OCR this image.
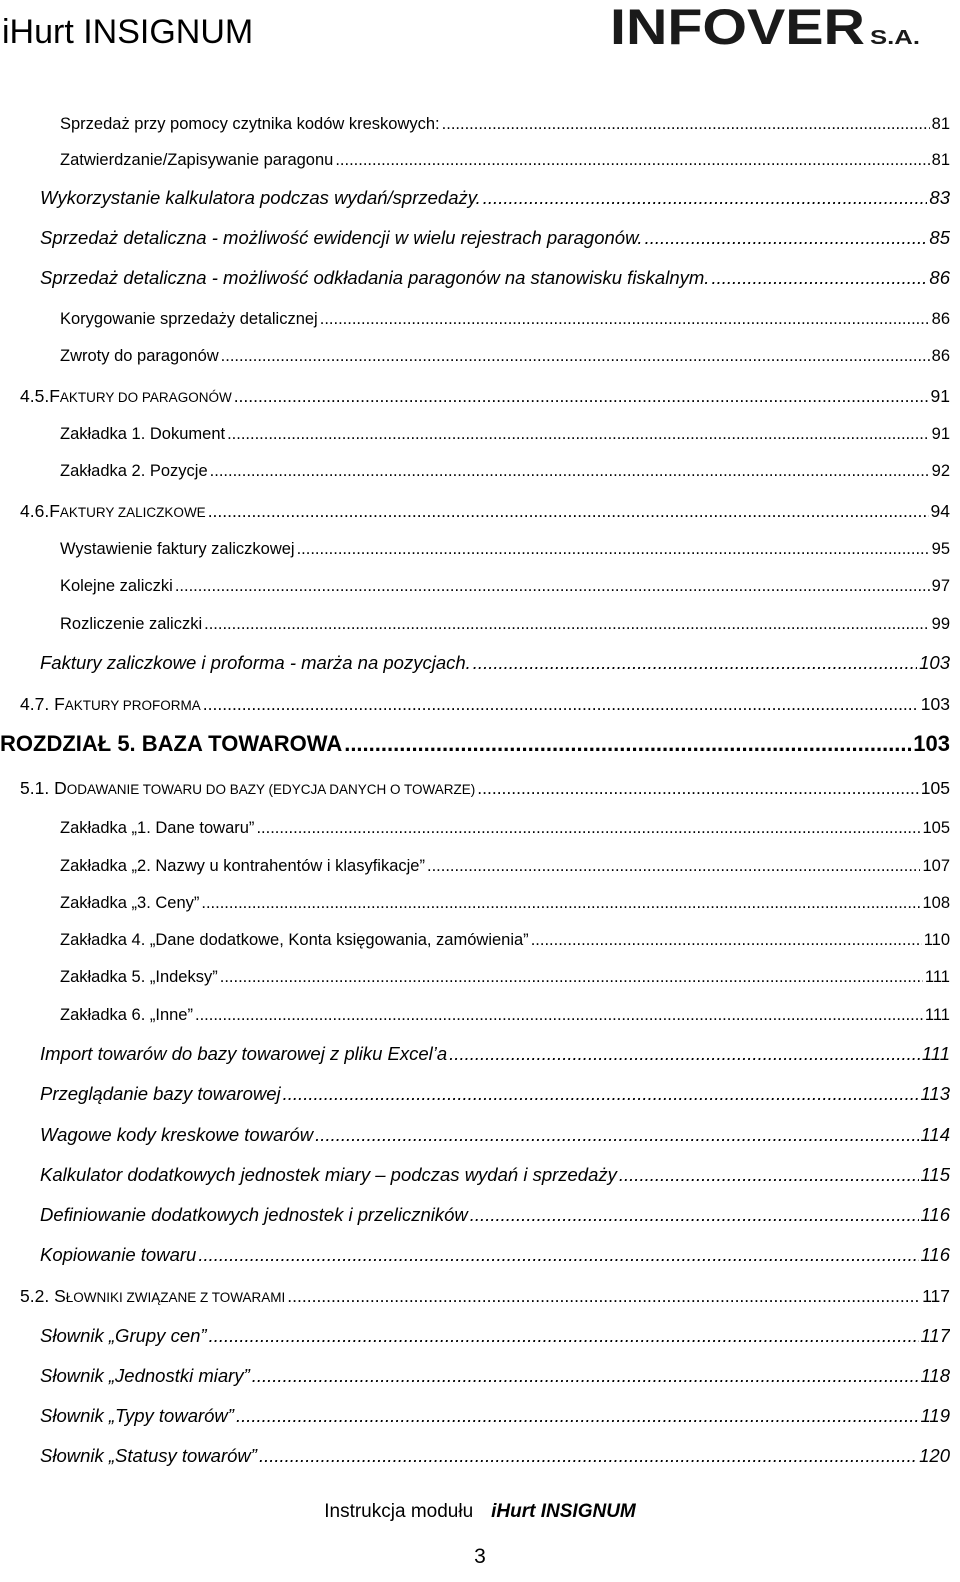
iHurt INSIGNUM	INFOVER S.A.
Sprzedaż przy pomocy czytnika kodów kreskowych: .....	81
Zatwierdzanie/Zapisywanie paragonu .....	81
Wykorzystanie kalkulatora podczas wydań/sprzedaży. .....	83
Sprzedaż detaliczna - możliwość ewidencji w wielu rejestrach paragonów. .....	85
Sprzedaż detaliczna - możliwość odkładania paragonów na stanowisku fiskalnym. .....	86
Korygowanie sprzedaży detalicznej .....	86
Zwroty do paragonów .....	86
4.5.FAKTURY DO PARAGONÓW .....	91
Zakładka 1. Dokument .....	91
Zakładka 2. Pozycje .....	92
4.6.FAKTURY ZALICZKOWE .....	94
Wystawienie faktury zaliczkowej .....	95
Kolejne zaliczki .....	97
Rozliczenie zaliczki .....	99
Faktury zaliczkowe i proforma - marża na pozycjach. .....	103
4.7. FAKTURY PROFORMA .....	103
ROZDZIAŁ 5. BAZA TOWAROWA .....	103
5.1. DODAWANIE TOWARU DO BAZY (EDYCJA DANYCH O TOWARZE) .....	105
Zakładka „1. Dane towaru” .....	105
Zakładka „2. Nazwy u kontrahentów i klasyfikacje” .....	107
Zakładka „3. Ceny” .....	108
Zakładka 4. „Dane dodatkowe, Konta księgowania, zamówienia” .....	110
Zakładka 5. „Indeksy” .....	111
Zakładka 6. „Inne” .....	111
Import towarów do bazy towarowej z pliku Excel’a .....	111
Przeglądanie bazy towarowej .....	113
Wagowe kody kreskowe towarów .....	114
Kalkulator dodatkowych jednostek miary – podczas wydań i sprzedaży .....	115
Definiowanie dodatkowych jednostek i przeliczników .....	116
Kopiowanie towaru .....	116
5.2. SŁOWNIKI ZWIĄZANE Z TOWARAMI .....	117
Słownik „Grupy cen” .....	117
Słownik „Jednostki miary” .....	118
Słownik „Typy towarów” .....	119
Słownik „Statusy towarów” .....	120
Instrukcja modułu iHurt INSIGNUM
3
